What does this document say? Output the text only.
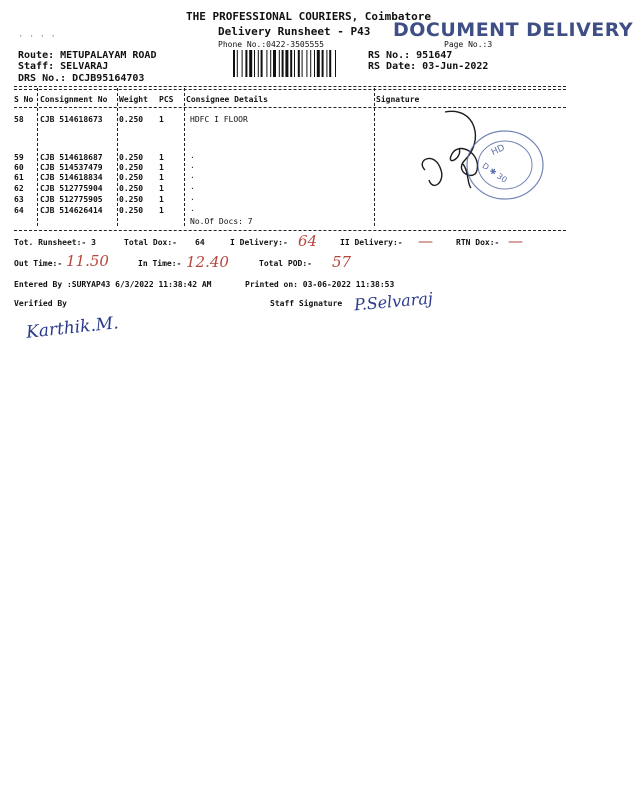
THE PROFESSIONAL COURIERS, Coimbatore
Delivery Runsheet - P43 DOCUMENT DELIVERY
Phone No.:0422-3505555	Page No.:3
· · · ·
Route: METUPALAYAM ROAD
Staff: SELVARAJ
DRS No.: DCJB95164703
RS No.: 951647
RS Date: 03-Jun-2022
S No Consignment No Weight PCS Consignee Details	Signature
58 CJB 514618673 0.250 1	HDFC I FLOOR
59 CJB 514618687 0.250 1	.
60 CJB 514537479 0.250 1	.
61 CJB 514618834 0.250 1	.
62 CJB 512775904 0.250 1	.
63 CJB 512775905 0.250 1	.
64 CJB 514626414 0.250 1	.
No.Of Docs: 7
HD
D ✱ 30
Tot. Runsheet:- 3	Total Dox:- 64	I Delivery:- 64	II Delivery:- —	RTN Dox:- —
Out Time:- 11.50	In Time:- 12.40	Total POD:- 57
Entered By :SURYAP43 6/3/2022 11:38:42 AM	Printed on: 03-06-2022 11:38:53
Verified By	Staff Signature
Karthik.M.
P.Selvaraj
